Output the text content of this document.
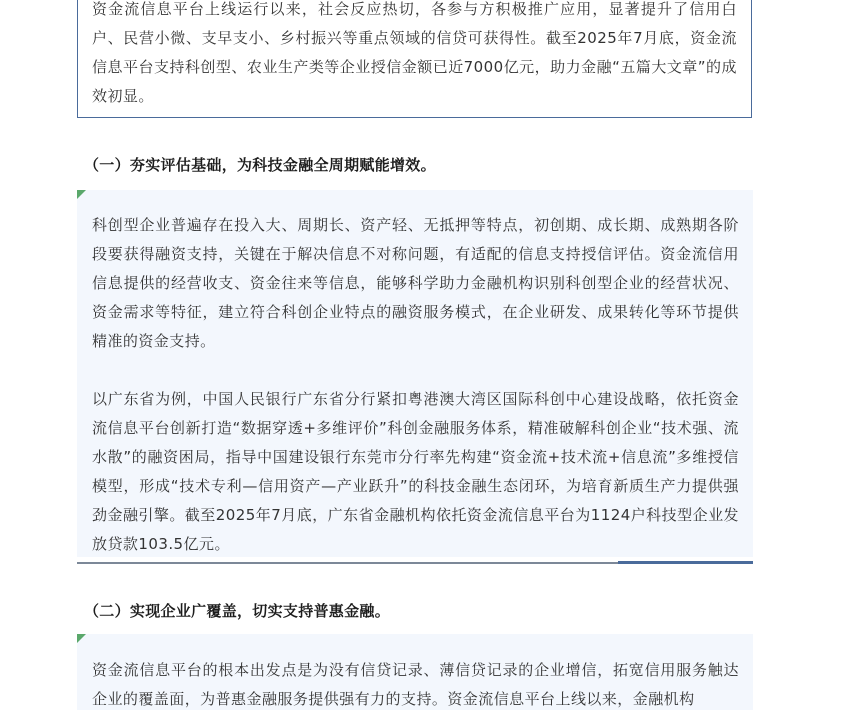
资金流信息平台上线运行以来，社会反应热切，各参与方积极推广应用，显著提升了信用白户、民营小微、支早支小、乡村振兴等重点领域的信贷可获得性。截至2025年7月底，资金流信息平台支持科创型、农业生产类等企业授信金额已近7000亿元，助力金融“五篇大文章”的成效初显。

（一）夯实评估基础，为科技金融全周期赋能增效。

科创型企业普遍存在投入大、周期长、资产轻、无抵押等特点，初创期、成长期、成熟期各阶段要获得融资支持，关键在于解决信息不对称问题，有适配的信息支持授信评估。资金流信用信息提供的经营收支、资金往来等信息，能够科学助力金融机构识别科创型企业的经营状况、资金需求等特征，建立符合科创企业特点的融资服务模式，在企业研发、成果转化等环节提供精准的资金支持。

以广东省为例，中国人民银行广东省分行紧扣粤港澳大湾区国际科创中心建设战略，依托资金流信息平台创新打造“数据穿透+多维评价”科创金融服务体系，精准破解科创企业“技术强、流水散”的融资困局，指导中国建设银行东莞市分行率先构建“资金流+技术流+信息流”多维授信模型，形成“技术专利—信用资产—产业跃升”的科技金融生态闭环，为培育新质生产力提供强劲金融引擎。截至2025年7月底，广东省金融机构依托资金流信息平台为1124户科技型企业发放贷款103.5亿元。

（二）实现企业广覆盖，切实支持普惠金融。

资金流信息平台的根本出发点是为没有信贷记录、薄信贷记录的企业增信，拓宽信用服务触达企业的覆盖面，为普惠金融服务提供强有力的支持。资金流信息平台上线以来，金融机构
